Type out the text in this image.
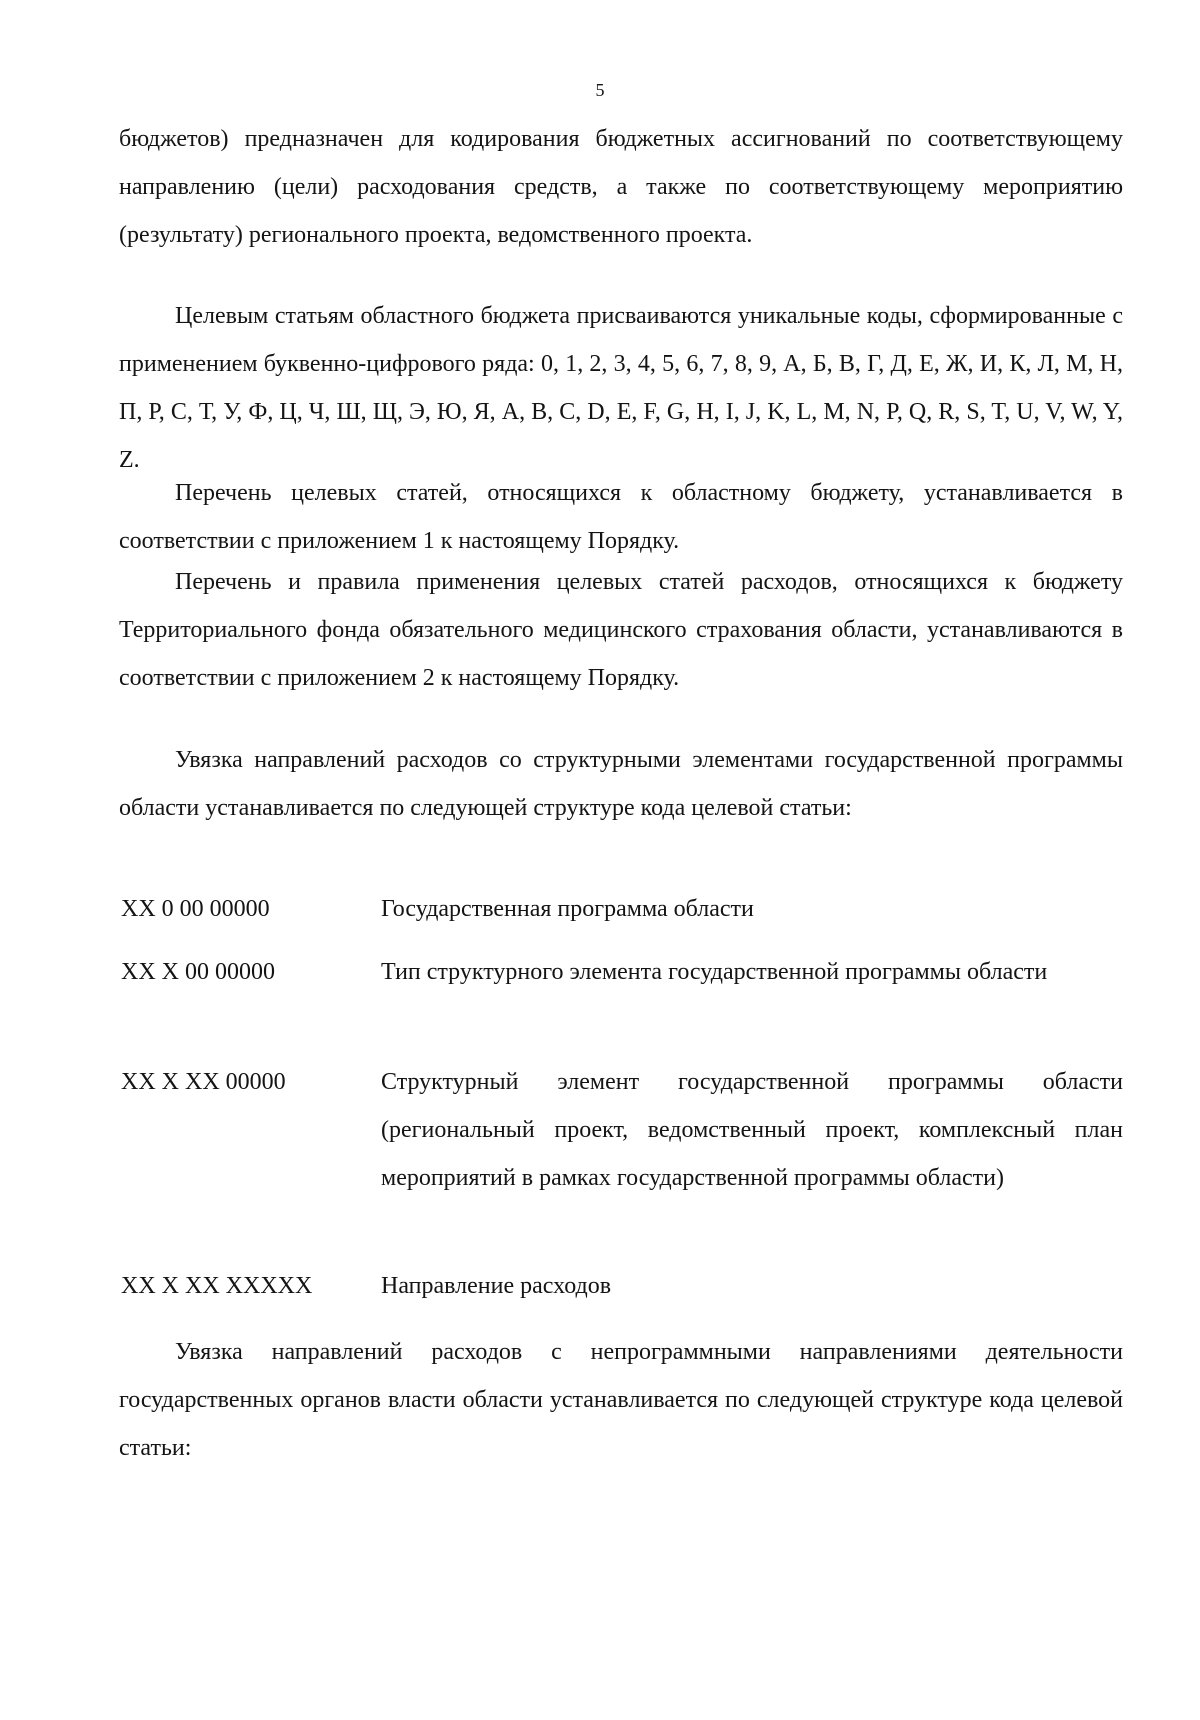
5

бюджетов) предназначен для кодирования бюджетных ассигнований по соответствующему направлению (цели) расходования средств, а также по соответствующему мероприятию (результату) регионального проекта, ведомственного проекта.

Целевым статьям областного бюджета присваиваются уникальные коды, сформированные с применением буквенно-цифрового ряда: 0, 1, 2, 3, 4, 5, 6, 7, 8, 9, А, Б, В, Г, Д, Е, Ж, И, К, Л, М, Н, П, Р, С, Т, У, Ф, Ц, Ч, Ш, Щ, Э, Ю, Я, A, B, C, D, E, F, G, H, I, J, K, L, M, N, P, Q, R, S, T, U, V, W, Y, Z.

Перечень целевых статей, относящихся к областному бюджету, устанавливается в соответствии с приложением 1 к настоящему Порядку.

Перечень и правила применения целевых статей расходов, относящихся к бюджету Территориального фонда обязательного медицинского страхования области, устанавливаются в соответствии с приложением 2 к настоящему Порядку.

Увязка направлений расходов со структурными элементами государственной программы области устанавливается по следующей структуре кода целевой статьи:

XX 0 00 00000	Государственная программа области
XX X 00 00000	Тип структурного элемента государственной программы области
XX X XX 00000	Структурный элемент государственной программы области (региональный проект, ведомственный проект, комплексный план мероприятий в рамках государственной программы области)
XX X XX XXXXX	Направление расходов

Увязка направлений расходов с непрограммными направлениями деятельности государственных органов власти области устанавливается по следующей структуре кода целевой статьи:
